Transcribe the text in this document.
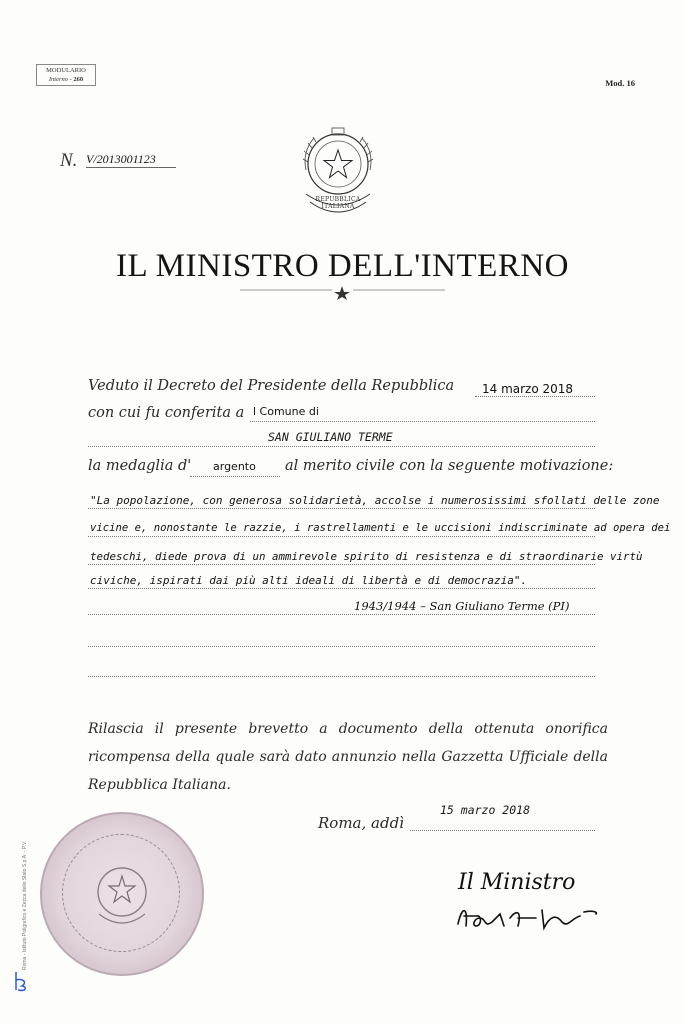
MODULARIO
Interno - 260	Mod. 16
N. V/2013001123
REPUBBLICA ITALIANA
IL MINISTRO DELL'INTERNO
Veduto il Decreto del Presidente della Repubblica 14 marzo 2018
con cui fu conferita a l Comune di
SAN GIULIANO TERME
la medaglia d' argento al merito civile con la seguente motivazione:
"La popolazione, con generosa solidarietà, accolse i numerosissimi sfollati delle zone
vicine e, nonostante le razzie, i rastrellamenti e le uccisioni indiscriminate ad opera dei
tedeschi, diede prova di un ammirevole spirito di resistenza e di straordinarie virtù
civiche, ispirati dai più alti ideali di libertà e di democrazia".
1943/1944 – San Giuliano Terme (PI)
Rilascia il presente brevetto a documento della ottenuta onorifica ricompensa della quale sarà dato annunzio nella Gazzetta Ufficiale della Repubblica Italiana.
Roma, addì
15 marzo 2018
Il Ministro
Roma - Istituto Poligrafico e Zecca dello Stato S.p.A. - P.V.
